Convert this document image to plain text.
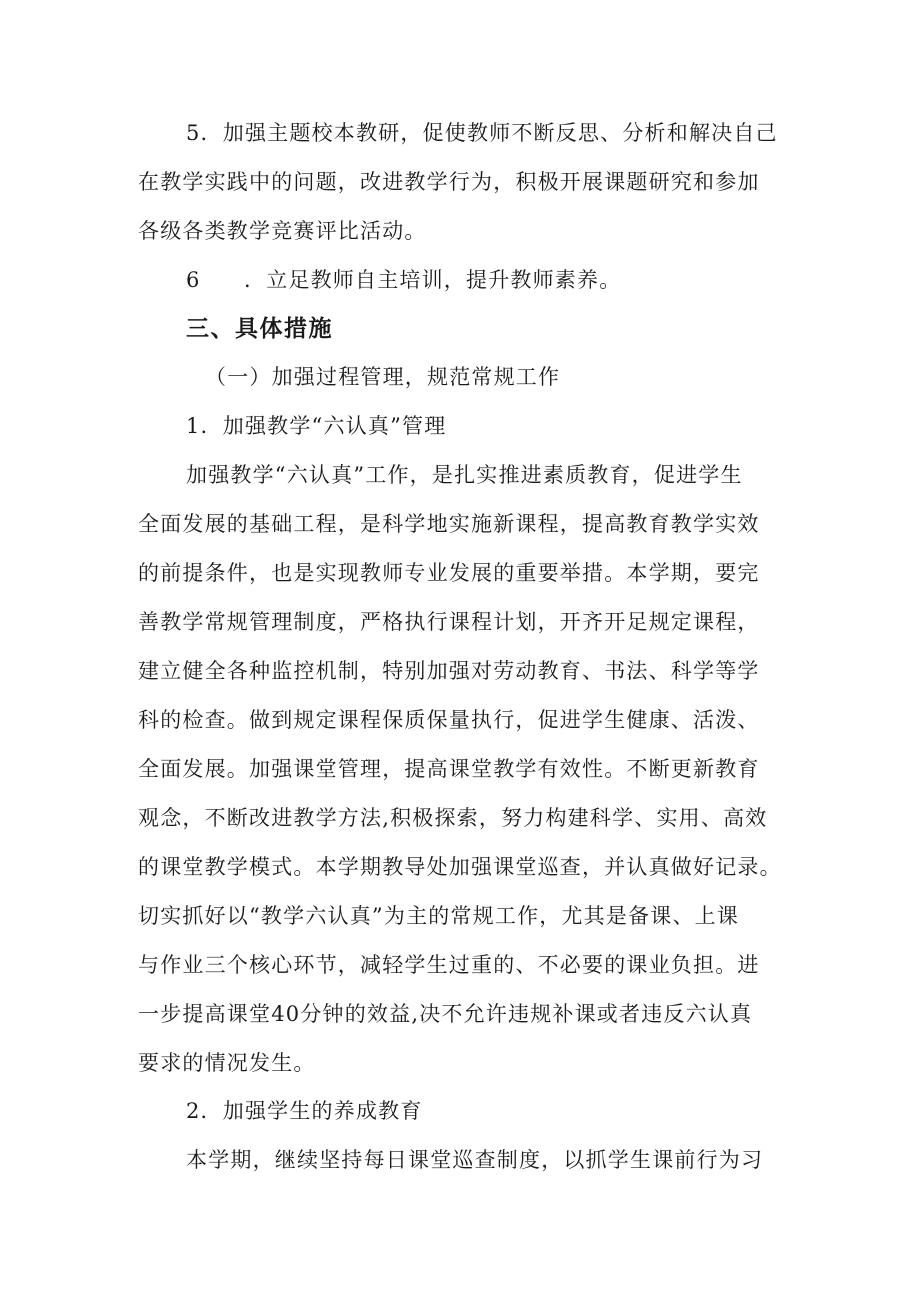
5．加强主题校本教研，促使教师不断反思、分析和解决自己
在教学实践中的问题，改进教学行为，积极开展课题研究和参加
各级各类教学竞赛评比活动。
6 ．立足教师自主培训，提升教师素养。
三、具体措施
（一）加强过程管理，规范常规工作
1．加强教学“六认真”管理
加强教学“六认真”工作，是扎实推进素质教育，促进学生
全面发展的基础工程，是科学地实施新课程，提高教育教学实效
的前提条件，也是实现教师专业发展的重要举措。本学期，要完
善教学常规管理制度，严格执行课程计划，开齐开足规定课程，
建立健全各种监控机制，特别加强对劳动教育、书法、科学等学
科的检查。做到规定课程保质保量执行，促进学生健康、活泼、
全面发展。加强课堂管理，提高课堂教学有效性。不断更新教育
观念，不断改进教学方法,积极探索，努力构建科学、实用、高效
的课堂教学模式。本学期教导处加强课堂巡查，并认真做好记录。
切实抓好以“教学六认真”为主的常规工作，尤其是备课、上课
与作业三个核心环节，减轻学生过重的、不必要的课业负担。进
一步提高课堂40分钟的效益,决不允许违规补课或者违反六认真
要求的情况发生。
2．加强学生的养成教育
本学期，继续坚持每日课堂巡查制度，以抓学生课前行为习
